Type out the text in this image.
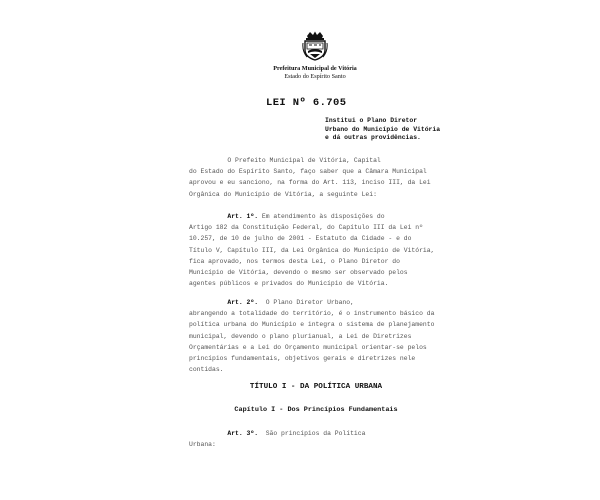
Prefeitura Municipal de Vitória
Estado do Espírito Santo
LEI Nº 6.705
Institui o Plano Diretor
Urbano do Município de Vitória
e dá outras providências.
O Prefeito Municipal de Vitória, Capital
do Estado do Espírito Santo, faço saber que a Câmara Municipal
aprovou e eu sanciono, na forma do Art. 113, inciso III, da Lei
Orgânica do Município de Vitória, a seguinte Lei:
Art. 1º. Em atendimento às disposições do
Artigo 182 da Constituição Federal, do Capítulo III da Lei nº
10.257, de 10 de julho de 2001 - Estatuto da Cidade - e do
Título V, Capítulo III, da Lei Orgânica do Município de Vitória,
fica aprovado, nos termos desta Lei, o Plano Diretor do
Município de Vitória, devendo o mesmo ser observado pelos
agentes públicos e privados do Município de Vitória.
Art. 2º.  O Plano Diretor Urbano,
abrangendo a totalidade do território, é o instrumento básico da
política urbana do Município e integra o sistema de planejamento
municipal, devendo o plano plurianual, a Lei de Diretrizes
Orçamentárias e a Lei do Orçamento municipal orientar-se pelos
princípios fundamentais, objetivos gerais e diretrizes nele
contidas.
TÍTULO I - DA POLÍTICA URBANA
Capítulo I - Dos Princípios Fundamentais
Art. 3º.  São princípios da Política
Urbana:
